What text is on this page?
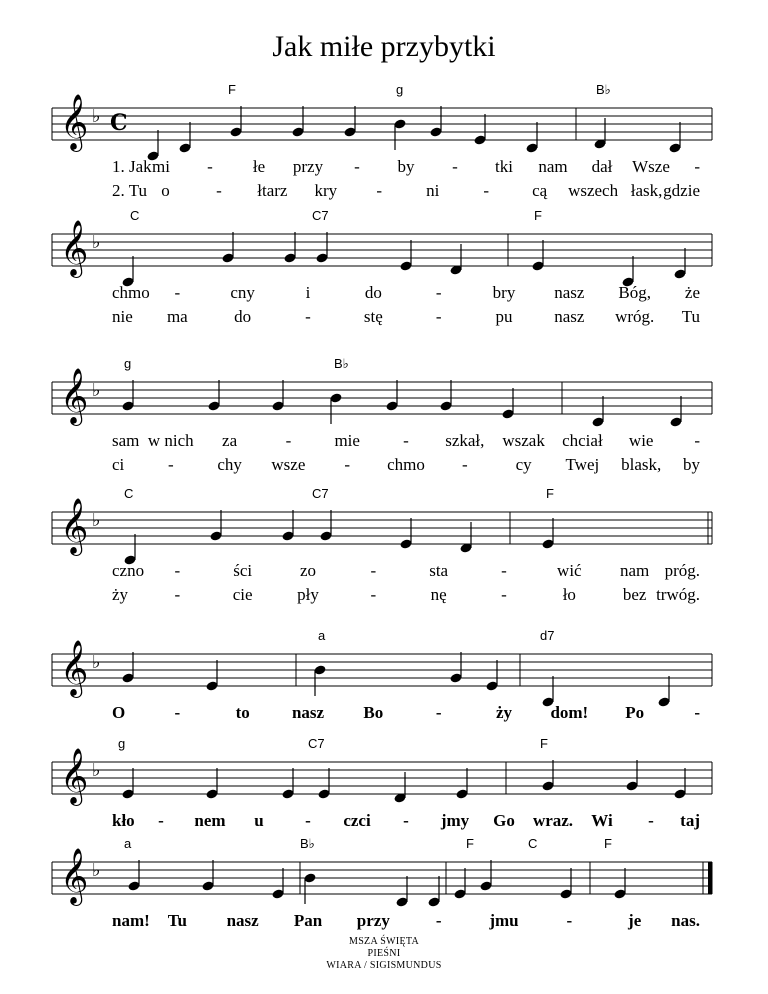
Jak miłe przybytki
𝄞 ♭ C
F	g	B♭
1. Jak mi - łe przy - by - tki nam dał Wsze -
2. Tu o	- łtarz kry -	ni	-	cą wszech łask, gdzie
𝄞 ♭
C	C7	F
chmo -	cny	i	do	-	bry nasz Bóg, że
nie ma	do	-	stę	-	pu nasz wróg. Tu
𝄞 ♭
g	B♭
sam w nich za	-	mie	- szkał, wszak chciał wie -
ci	-	chy wsze - chmo -	cy Twej blask, by
𝄞 ♭
C	C7	F
czno -	ści	zo	-	sta	-	wić nam próg.
ży	-	cie	pły	-	nę	-	ło	bez trwóg.
𝄞 ♭
a	d7
O	-	to nasz Bo	-	ży dom! Po	-
𝄞 ♭
g	C7	F
kło - nem u - czci - jmy Go wraz. Wi - taj
𝄞 ♭
a	B♭	F	C	F
nam! Tu nasz Pan przy	-	jmu	-	je nas.
MSZA ŚWIĘTA
PIEŚNI
WIARA / SIGISMUNDUS
